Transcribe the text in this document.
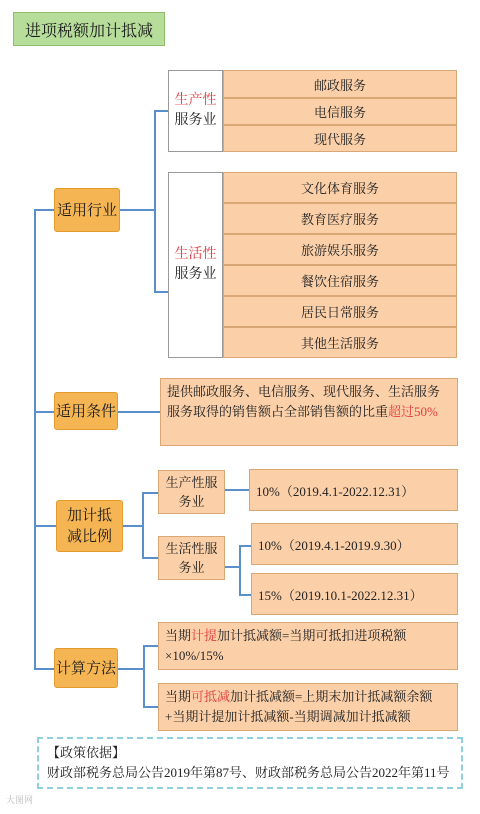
进项税额加计抵减
适用行业
生产性
服务业
邮政服务
电信服务
现代服务
生活性
服务业
文化体育服务
教育医疗服务
旅游娱乐服务
餐饮住宿服务
居民日常服务
其他生活服务
适用条件
提供邮政服务、电信服务、现代服务、生活服务服务取得的销售额占全部销售额的比重超过50%
加计抵
减比例
生产性服
务业
10%（2019.4.1-2022.12.31）
生活性服
务业
10%（2019.4.1-2019.9.30）
15%（2019.10.1-2022.12.31）
计算方法
当期计提加计抵减额=当期可抵扣进项税额×10%/15%
当期可抵减加计抵减额=上期末加计抵减额余额+当期计提加计抵减额-当期调减加计抵减额
【政策依据】
财政部税务总局公告2019年第87号、财政部税务总局公告2022年第11号
大图网
